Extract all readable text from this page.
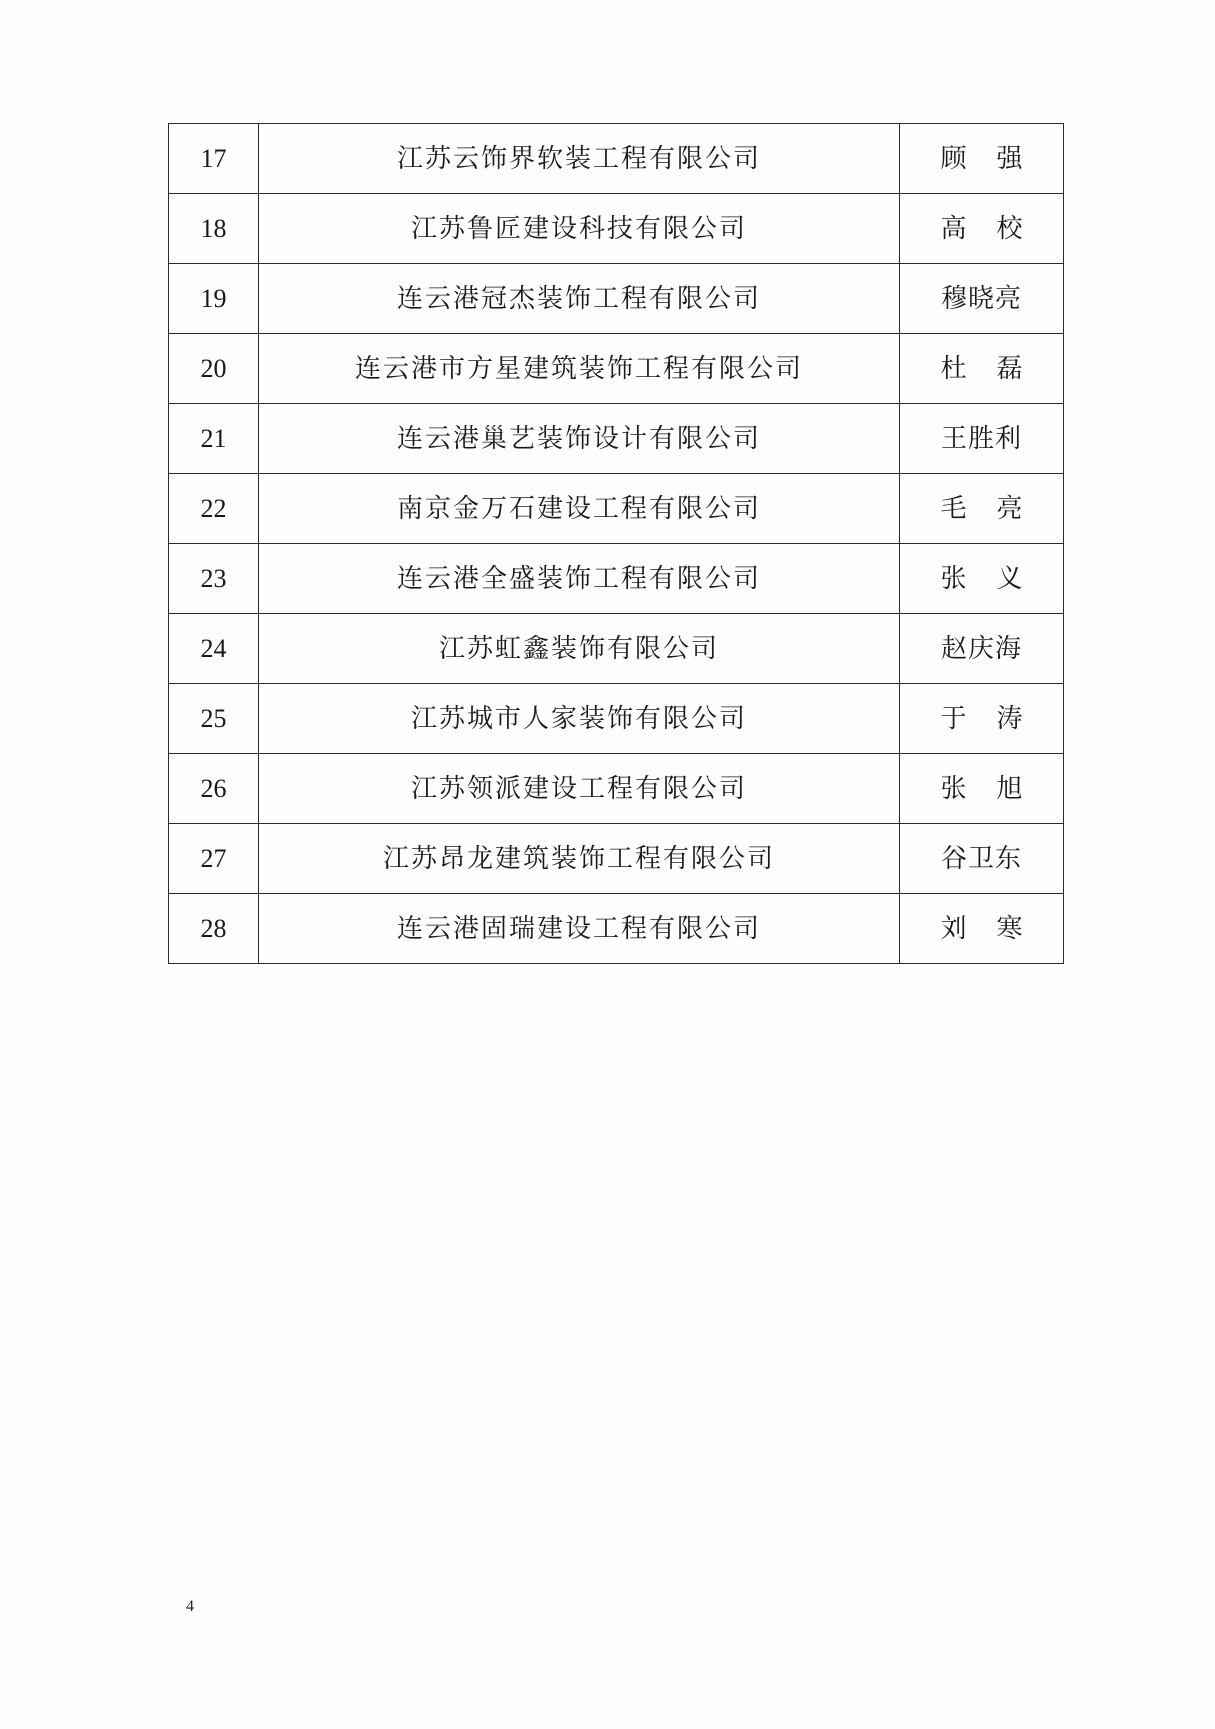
17	江苏云饰界软装工程有限公司	顾强
18	江苏鲁匠建设科技有限公司	高校
19	连云港冠杰装饰工程有限公司	穆晓亮
20	连云港市方星建筑装饰工程有限公司	杜磊
21	连云港巢艺装饰设计有限公司	王胜利
22	南京金万石建设工程有限公司	毛亮
23	连云港全盛装饰工程有限公司	张义
24	江苏虹鑫装饰有限公司	赵庆海
25	江苏城市人家装饰有限公司	于涛
26	江苏领派建设工程有限公司	张旭
27	江苏昂龙建筑装饰工程有限公司	谷卫东
28	连云港固瑞建设工程有限公司	刘寒
4
